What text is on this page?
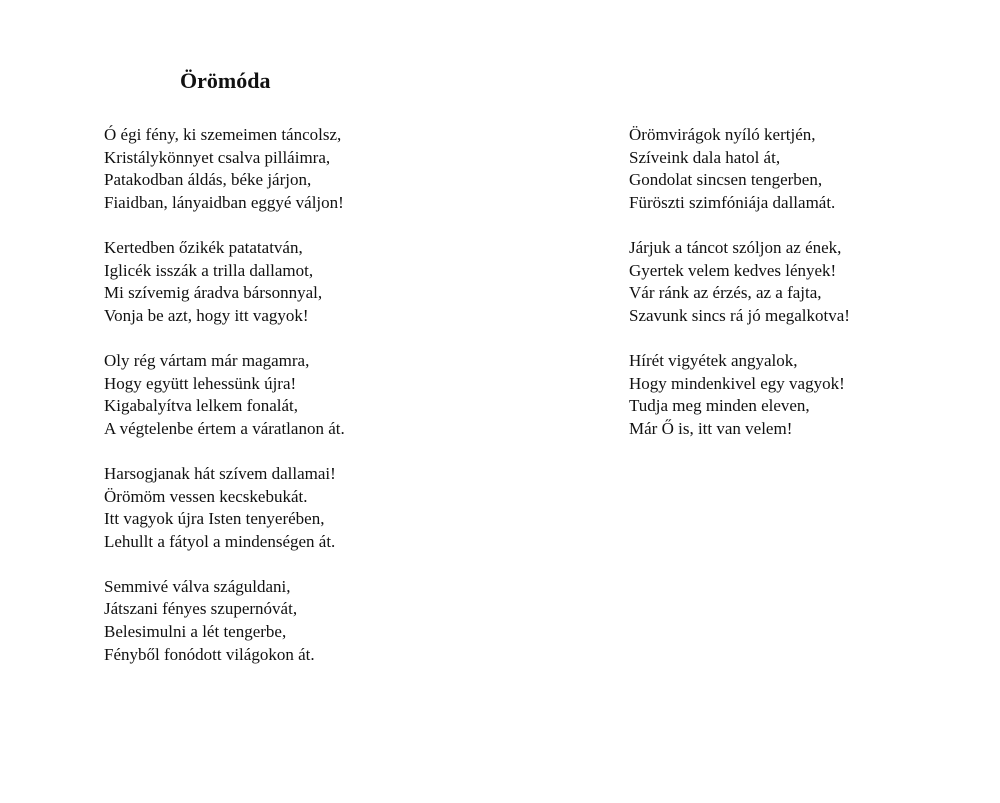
Örömóda
Ó égi fény, ki szemeimen táncolsz,
Kristálykönnyet csalva pilláimra,
Patakodban áldás, béke járjon,
Fiaidban, lányaidban eggyé váljon!
Kertedben őzikék patatatván,
Iglicék isszák a trilla dallamot,
Mi szívemig áradva bársonnyal,
Vonja be azt, hogy itt vagyok!
Oly rég vártam már magamra,
Hogy együtt lehessünk újra!
Kigabalyítva lelkem fonalát,
A végtelenbe értem a váratlanon át.
Harsogjanak hát szívem dallamai!
Örömöm vessen kecskebukát.
Itt vagyok újra Isten tenyerében,
Lehullt a fátyol a mindenségen át.
Semmivé válva száguldani,
Játszani fényes szupernóvát,
Belesimulni a lét tengerbe,
Fényből fonódott világokon át.
Örömvirágok nyíló kertjén,
Szíveink dala hatol át,
Gondolat sincsen tengerben,
Füröszti szimfóniája dallamát.
Járjuk a táncot szóljon az ének,
Gyertek velem kedves lények!
Vár ránk az érzés, az a fajta,
Szavunk sincs rá jó megalkotva!
Hírét vigyétek angyalok,
Hogy mindenkivel egy vagyok!
Tudja meg minden eleven,
Már Ő is, itt van velem!
